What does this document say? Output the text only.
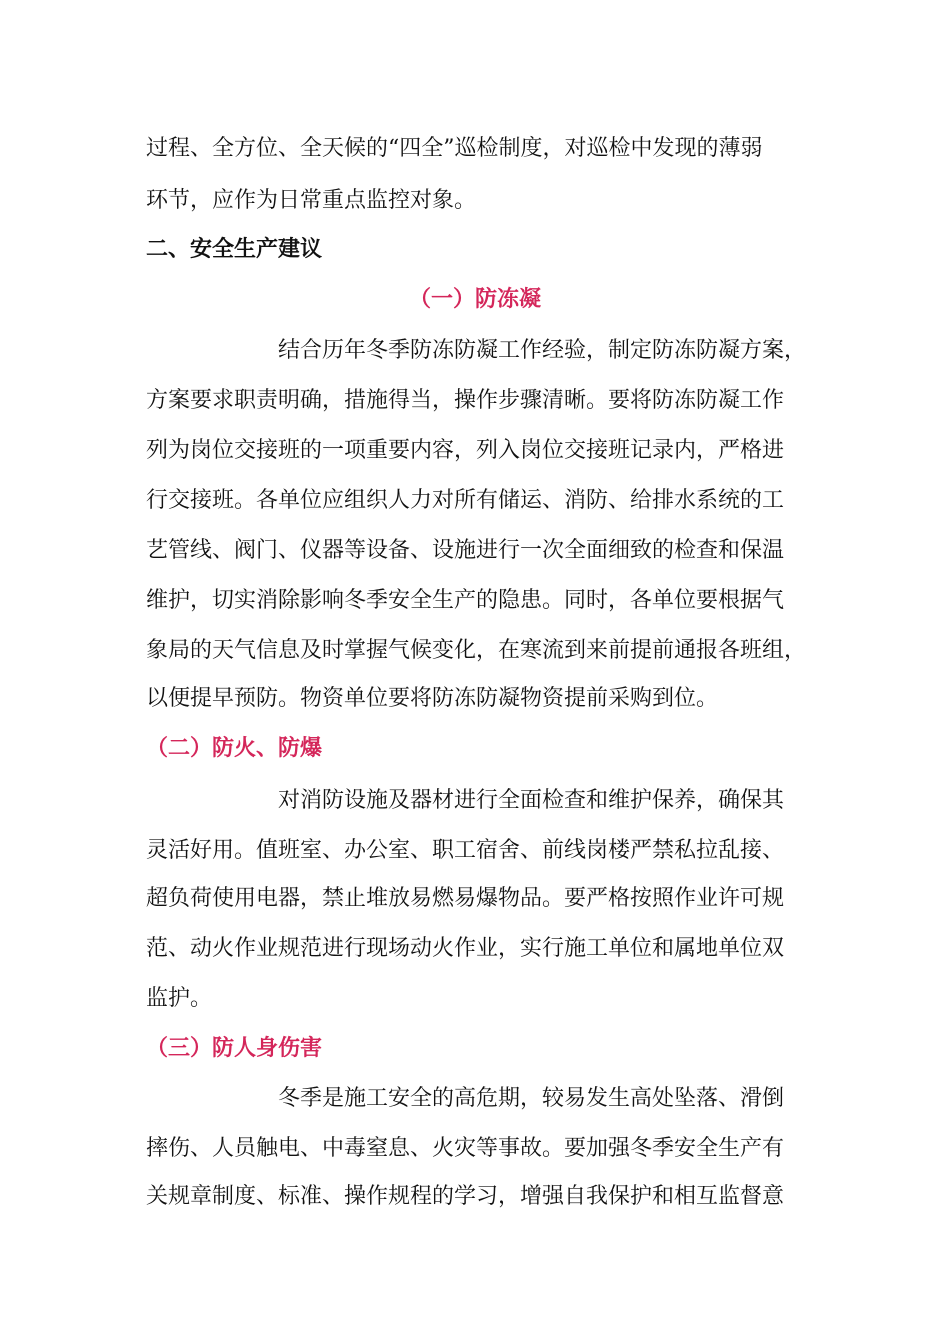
过程、全方位、全天候的“四全”巡检制度，对巡检中发现的薄弱

环节，应作为日常重点监控对象。

二、安全生产建议
（一）防冻凝

结合历年冬季防冻防凝工作经验，制定防冻防凝方案，

方案要求职责明确，措施得当，操作步骤清晰。要将防冻防凝工作

列为岗位交接班的一项重要内容，列入岗位交接班记录内，严格进

行交接班。各单位应组织人力对所有储运、消防、给排水系统的工

艺管线、阀门、仪器等设备、设施进行一次全面细致的检查和保温

维护，切实消除影响冬季安全生产的隐患。同时，各单位要根据气

象局的天气信息及时掌握气候变化，在寒流到来前提前通报各班组，

以便提早预防。物资单位要将防冻防凝物资提前采购到位。

（二）防火、防爆

对消防设施及器材进行全面检查和维护保养，确保其

灵活好用。值班室、办公室、职工宿舍、前线岗楼严禁私拉乱接、

超负荷使用电器，禁止堆放易燃易爆物品。要严格按照作业许可规

范、动火作业规范进行现场动火作业，实行施工单位和属地单位双

监护。

（三）防人身伤害

冬季是施工安全的高危期，较易发生高处坠落、滑倒

摔伤、人员触电、中毒窒息、火灾等事故。要加强冬季安全生产有

关规章制度、标准、操作规程的学习，增强自我保护和相互监督意
